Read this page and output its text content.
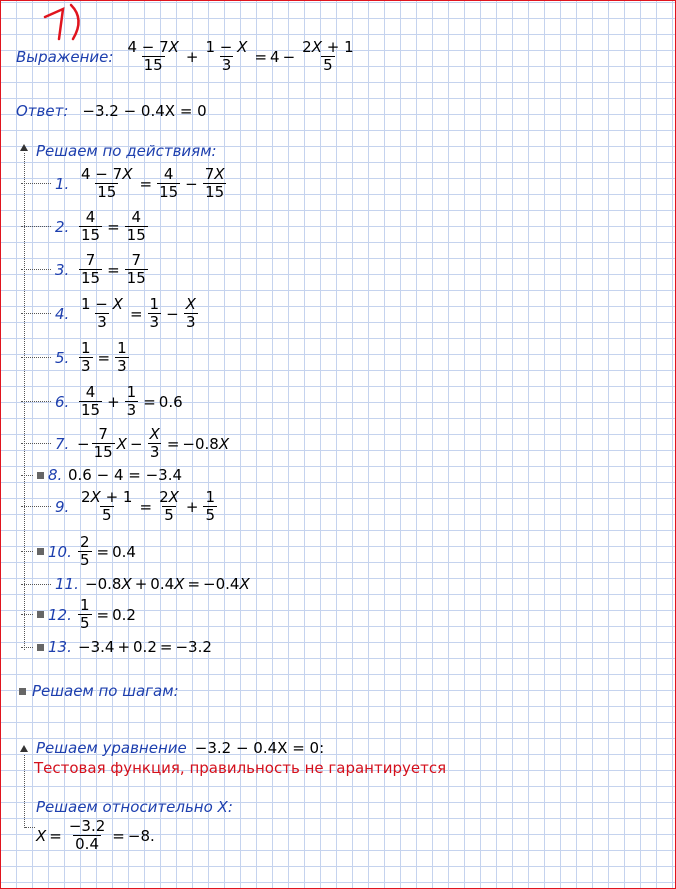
Выражение: $\frac{4 - 7X}{15} + \frac{1 - X}{3} = 4 - \frac{2X + 1}{5}$
Ответ: −3.2 − 0.4X = 0
Решаем по действиям:
1. $\frac{4 - 7X}{15} = \frac{4}{15} - \frac{7X}{15}$
2. $\frac{4}{15} = \frac{4}{15}$
3. $\frac{7}{15} = \frac{7}{15}$
4. $\frac{1 - X}{3} = \frac{1}{3} - \frac{X}{3}$
5. $\frac{1}{3} = \frac{1}{3}$
6. $\frac{4}{15} + \frac{1}{3} = 0.6$
7. − $\frac{7}{15}$ $X - \frac{X}{3} = -0.8$ X
8. 0.6 − 4 = −3.4
9. $\frac{2X + 1}{5} = \frac{2X}{5} + \frac{1}{5}$
10. $\frac{2}{5} = 0.4$
11. −0.8 X + 0.4 X = −0.4 X
12. $\frac{1}{5} = 0.2$
13. −3.4 + 0.2 = −3.2
Решаем по шагам:
Решаем уравнение −3.2 − 0.4X = 0:
Тестовая функция, правильность не гарантируется
Решаем относительно X:
$X = \frac{-3.2}{0.4} = -8$.
